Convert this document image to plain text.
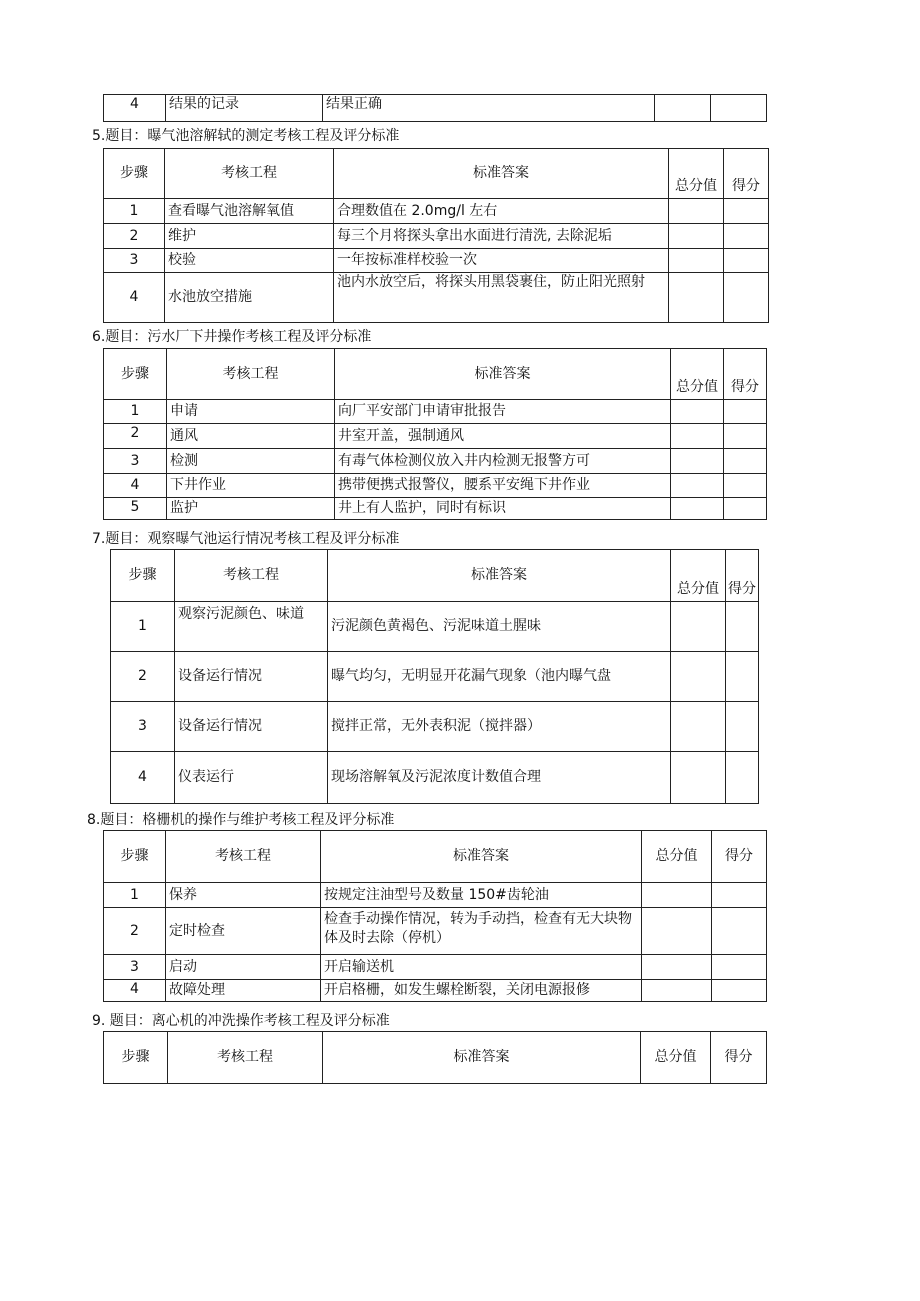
4	结果的记录	结果正确		
5.题目：曝气池溶解轼的测定考核工程及评分标准
步骤	考核工程	标准答案	总分值	得分
1	查看曝气池溶解氧值	合理数值在 2.0mg/l 左右		
2	维护	每三个月将探头拿出水面进行清洗, 去除泥垢		
3	校验	一年按标准样校验一次		
4	水池放空措施	池内水放空后，将探头用黑袋裹住，防止阳光照射		
6.题目：污水厂下井操作考核工程及评分标准
步骤	考核工程	标准答案	总分值	得分
1	申请	向厂平安部门申请审批报告		
2	通风	井室开盖，强制通风		
3	检测	有毒气体检测仪放入井内检测无报警方可		
4	下井作业	携带便携式报警仪，腰系平安绳下井作业		
5	监护	井上有人监护，同时有标识		
7.题目：观察曝气池运行情况考核工程及评分标准
步骤	考核工程	标准答案	总分值	得分
1	观察污泥颜色、味道	污泥颜色黄褐色、污泥味道土腥味		
2	设备运行情况	曝气均匀，无明显开花漏气现象（池内曝气盘		
3	设备运行情况	搅拌正常，无外表积泥（搅拌器）		
4	仪表运行	现场溶解氧及污泥浓度计数值合理		
8.题目：格栅机的操作与维护考核工程及评分标准
步骤	考核工程	标准答案	总分值	得分
1	保养	按规定注油型号及数量 150#齿轮油		
2	定时检查	检查手动操作情况，转为手动挡，检查有无大块物体及时去除（停机）		
3	启动	开启输送机		
4	故障处理	开启格栅，如发生螺栓断裂，关闭电源报修		
9. 题目：离心机的冲洗操作考核工程及评分标准
步骤	考核工程	标准答案	总分值	得分
